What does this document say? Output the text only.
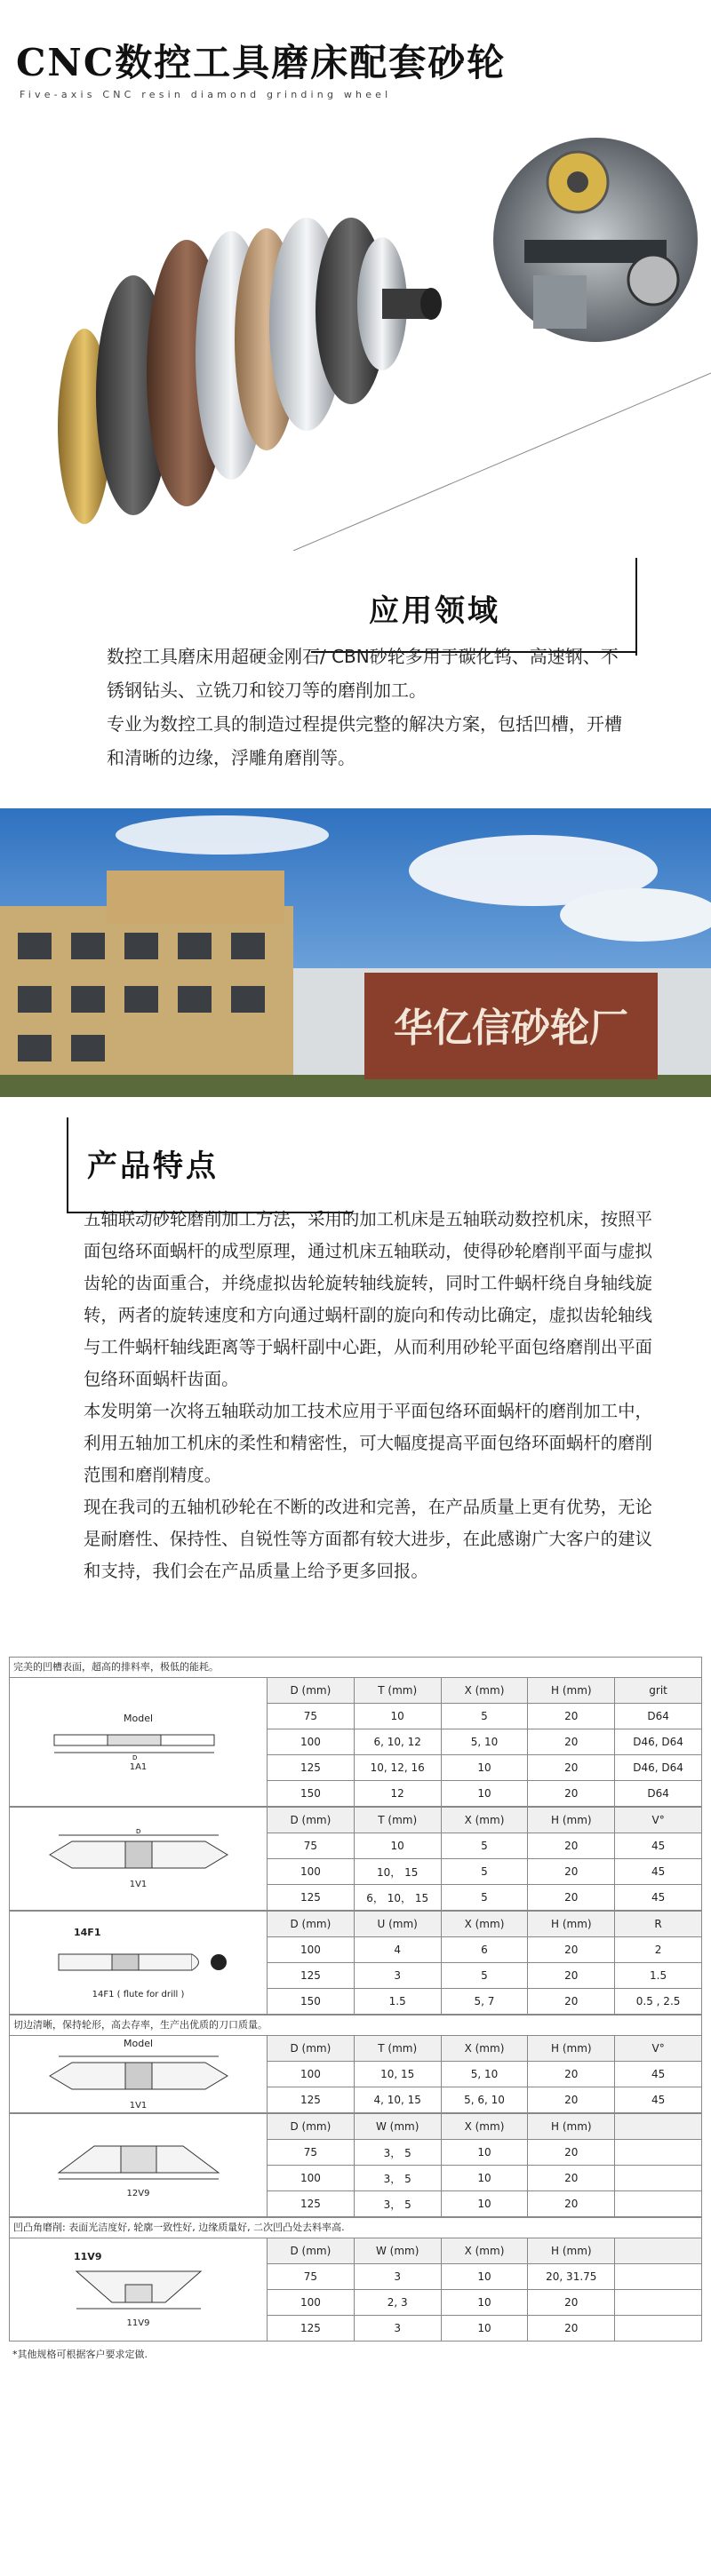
CNC数控工具磨床配套砂轮
Five-axis CNC resin diamond grinding wheel
应用领域

数控工具磨床用超硬金刚石/ CBN砂轮多用于碳化钨、高速钢、不锈钢钻头、立铣刀和铰刀等的磨削加工。

专业为数控工具的制造过程提供完整的解决方案，包括凹槽，开槽和清晰的边缘，浮雕角磨削等。

华亿信砂轮厂
产品特点

五轴联动砂轮磨削加工方法，采用的加工机床是五轴联动数控机床，按照平面包络环面蜗杆的成型原理，通过机床五轴联动，使得砂轮磨削平面与虚拟齿轮的齿面重合，并绕虚拟齿轮旋转轴线旋转，同时工件蜗杆绕自身轴线旋转，两者的旋转速度和方向通过蜗杆副的旋向和传动比确定，虚拟齿轮轴线与工件蜗杆轴线距离等于蜗杆副中心距，从而利用砂轮平面包络磨削出平面包络环面蜗杆齿面。

本发明第一次将五轴联动加工技术应用于平面包络环面蜗杆的磨削加工中，利用五轴加工机床的柔性和精密性，可大幅度提高平面包络环面蜗杆的磨削范围和磨削精度。

现在我司的五轴机砂轮在不断的改进和完善，在产品质量上更有优势，无论是耐磨性、保持性、自锐性等方面都有较大进步，在此感谢广大客户的建议和支持，我们会在产品质量上给予更多回报。

完美的凹槽表面，超高的排料率，极低的能耗。
Model
D
1A1	D (mm)	T (mm)	X (mm)	H (mm)	grit
	75	10	5	20	D64
	100	6, 10, 12	5, 10	20	D46, D64
	125	10, 12, 16	10	20	D46, D64
	150	12	10	20	D64
D
1V1	D (mm)	T (mm)	X (mm)	H (mm)	V°
	75	10	5	20	45
	100	10， 15	5	20	45
	125	6， 10， 15	5	20	45
14F1
14F1 ( flute for drill )	D (mm)	U (mm)	X (mm)	H (mm)	R
	100	4	6	20	2
	125	3	5	20	1.5
	150	1.5	5, 7	20	0.5 , 2.5
切边清晰，保持轮形，高去存率，生产出优质的刀口质量。
Model
1V1	D (mm)	T (mm)	X (mm)	H (mm)	V°
	100	10, 15	5, 10	20	45
	125	4, 10, 15	5, 6, 10	20	45
12V9	D (mm)	W (mm)	X (mm)	H (mm)	
	75	3， 5	10	20	
	100	3， 5	10	20	
	125	3， 5	10	20	
凹凸角磨削: 表面光洁度好, 轮廓一致性好, 边缘质量好, 二次凹凸处去料率高.
11V9
11V9	D (mm)	W (mm)	X (mm)	H (mm)	
	75	3	10	20, 31.75	
	100	2, 3	10	20	
	125	3	10	20	
*其他规格可根据客户要求定做.
